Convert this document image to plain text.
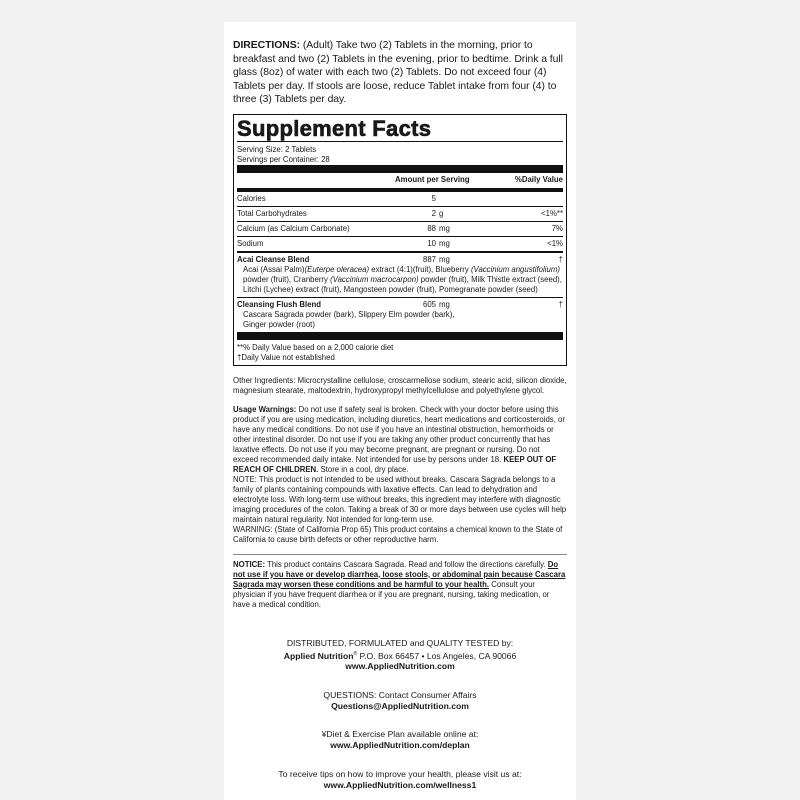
DIRECTIONS: (Adult) Take two (2) Tablets in the morning, prior to breakfast and two (2) Tablets in the evening, prior to bedtime. Drink a full glass (8oz) of water with each two (2) Tablets. Do not exceed four (4) Tablets per day. If stools are loose, reduce Tablet intake from four (4) to three (3) Tablets per day.

Supplement Facts
Serving Size: 2 Tablets
Servings per Container: 28
Amount per Serving	%Daily Value
Calories	5
Total Carbohydrates	2 g	<1%**
Calcium (as Calcium Carbonate)	88 mg	7%
Sodium	10 mg	<1%
Acai Cleanse Blend	887 mg	†
Acai (Assai Palm)(Euterpe oleracea) extract (4:1)(fruit), Blueberry (Vaccinium angustifolium) powder (fruit), Cranberry (Vaccinium macrocarpon) powder (fruit), Milk Thistle extract (seed), Litchi (Lychee) extract (fruit), Mangosteen powder (fruit), Pomegranate powder (seed)
Cleansing Flush Blend	605 mg	†
Cascara Sagrada powder (bark), Slippery Elm powder (bark), Ginger powder (root)
**% Daily Value based on a 2,000 calorie diet
†Daily Value not established
Other Ingredients: Microcrystalline cellulose, croscarmellose sodium, stearic acid, silicon dioxide, magnesium stearate, maltodextrin, hydroxypropyl methylcellulose and polyethylene glycol.
Usage Warnings: Do not use if safety seal is broken. Check with your doctor before using this product if you are using medication, including diuretics, heart medications and corticosteroids, or have any medical conditions. Do not use if you have an intestinal obstruction, hemorrhoids or other intestinal disorder. Do not use if you are taking any other product concurrently that has laxative effects. Do not use if you may become pregnant, are pregnant or nursing. Do not exceed recommended daily intake. Not intended for use by persons under 18. KEEP OUT OF REACH OF CHILDREN. Store in a cool, dry place.
NOTE: This product is not intended to be used without breaks. Cascara Sagrada belongs to a family of plants containing compounds with laxative effects. Can lead to dehydration and electrolyte loss. With long-term use without breaks, this ingredient may interfere with diagnostic imaging procedures of the colon. Taking a break of 30 or more days between use cycles will help maintain natural regularity. Not intended for long-term use.
WARNING: (State of California Prop 65) This product contains a chemical known to the State of California to cause birth defects or other reproductive harm.
NOTICE: This product contains Cascara Sagrada. Read and follow the directions carefully. Do not use if you have or develop diarrhea, loose stools, or abdominal pain because Cascara Sagrada may worsen these conditions and be harmful to your health. Consult your physician if you have frequent diarrhea or if you are pregnant, nursing, taking medication, or have a medical condition.
DISTRIBUTED, FORMULATED and QUALITY TESTED by:
Applied Nutrition® P.O. Box 66457 • Los Angeles, CA 90066
www.AppliedNutrition.com
QUESTIONS: Contact Consumer Affairs
Questions@AppliedNutrition.com
¥Diet & Exercise Plan available online at:
www.AppliedNutrition.com/deplan
To receive tips on how to improve your health, please visit us at:
www.AppliedNutrition.com/wellness1
